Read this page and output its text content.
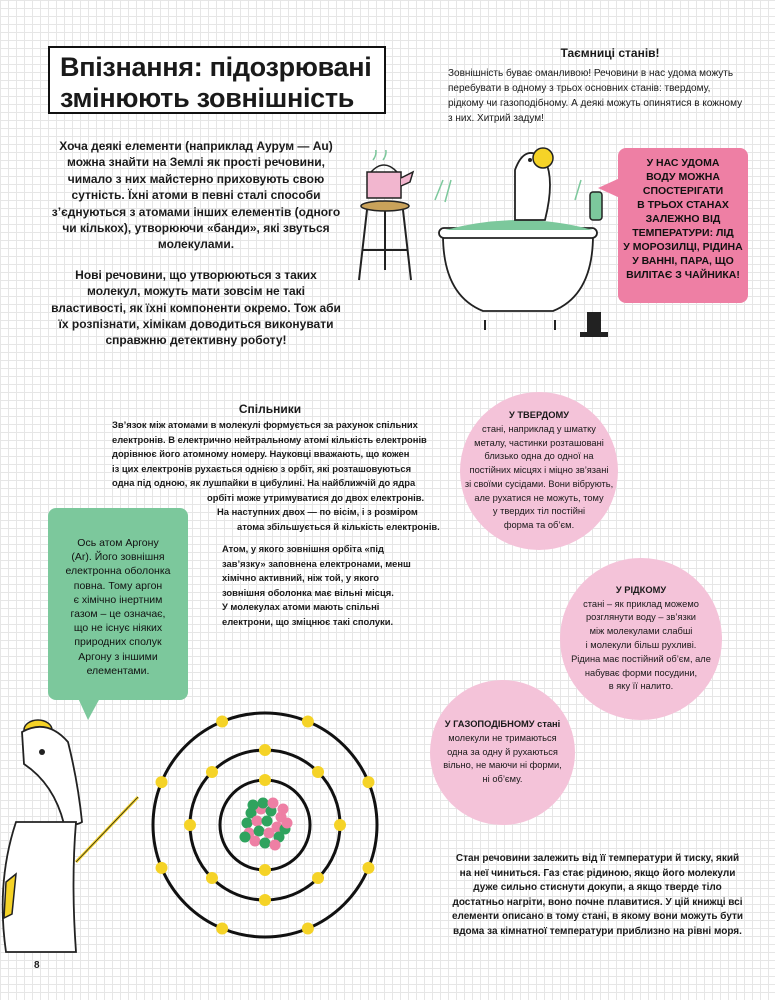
Впізнання: підозрювані
змінюють зовнішність

Хоча деякі елементи (наприклад Аурум — Au) можна знайти на Землі як прості речовини, чимало з них майстерно приховують свою сутність. Їхні атоми в певні сталі способи з’єднуються з атомами інших елементів (одного чи кількох), утворюючи «банди», які звуться молекулами.

Нові речовини, що утворюються з таких молекул, можуть мати зовсім не такі властивості, як їхні компоненти окремо. Тож аби їх розпізнати, хімікам доводиться виконувати справжню детективну роботу!

Таємниці станів!
Зовнішність буває оманливою! Речовини в нас удома можуть перебувати в одному з трьох основних станів: твердому, рідкому чи газоподібному. А деякі можуть опинятися в кожному з них. Хитрий задум!
У НАС УДОМА
ВОДУ МОЖНА
СПОСТЕРІГАТИ
В ТРЬОХ СТАНАХ
ЗАЛЕЖНО ВІД
ТЕМПЕРАТУРИ: ЛІД
У МОРОЗИЛЦІ, РІДИНА
У ВАННІ, ПАРА, ЩО
ВИЛІТАЄ З ЧАЙНИКА!
Спільники
Зв’язок між атомами в молекулі формується за рахунок спільних
електронів. В електрично нейтральному атомі кількість електронів
дорівнює його атомному номеру. Науковці вважають, що кожен
із цих електронів рухається однією з орбіт, які розташовуються
одна під одною, як лушпайки в цибулині. На найближчій до ядра
орбіті може утримуватися до двох електронів.
На наступних двох — по вісім, і з розміром
атома збільшується й кількість електронів.
Атом, у якого зовнішня орбіта «під
зав’язку» заповнена електронами, менш
хімічно активний, ніж той, у якого
зовнішня оболонка має вільні місця.
У молекулах атоми мають спільні
електрони, що зміцнює такі сполуки.
Ось атом Аргону
(Ar). Його зовнішня
електронна оболонка
повна. Тому аргон
є хімічно інертним
газом – це означає,
що не існує ніяких
природних сполук
Аргону з іншими
елементами.
У ТВЕРДОМУ
стані, наприклад у шматку
металу, частинки розташовані
близько одна до одної на
постійних місцях і міцно зв’язані
зі своїми сусідами. Вони вібрують,
але рухатися не можуть, тому
у твердих тіл постійні
форма та об’єм.
У РІДКОМУ
стані – як приклад можемо
розглянути воду – зв’язки
між молекулами слабші
і молекули більш рухливі.
Рідина має постійний об’єм, але
набуває форми посудини,
в яку її налито.
У ГАЗОПОДІБНОМУ стані
молекули не тримаються
одна за одну й рухаються
вільно, не маючи ні форми,
ні об’єму.
Стан речовини залежить від її температури й тиску, який на неї чиниться. Газ стає рідиною, якщо його молекули дуже сильно стиснути докупи, а якщо тверде тіло достатньо нагріти, воно почне плавитися. У цій книжці всі елементи описано в тому стані, в якому вони можуть бути вдома за кімнатної температури приблизно на рівні моря.
8
